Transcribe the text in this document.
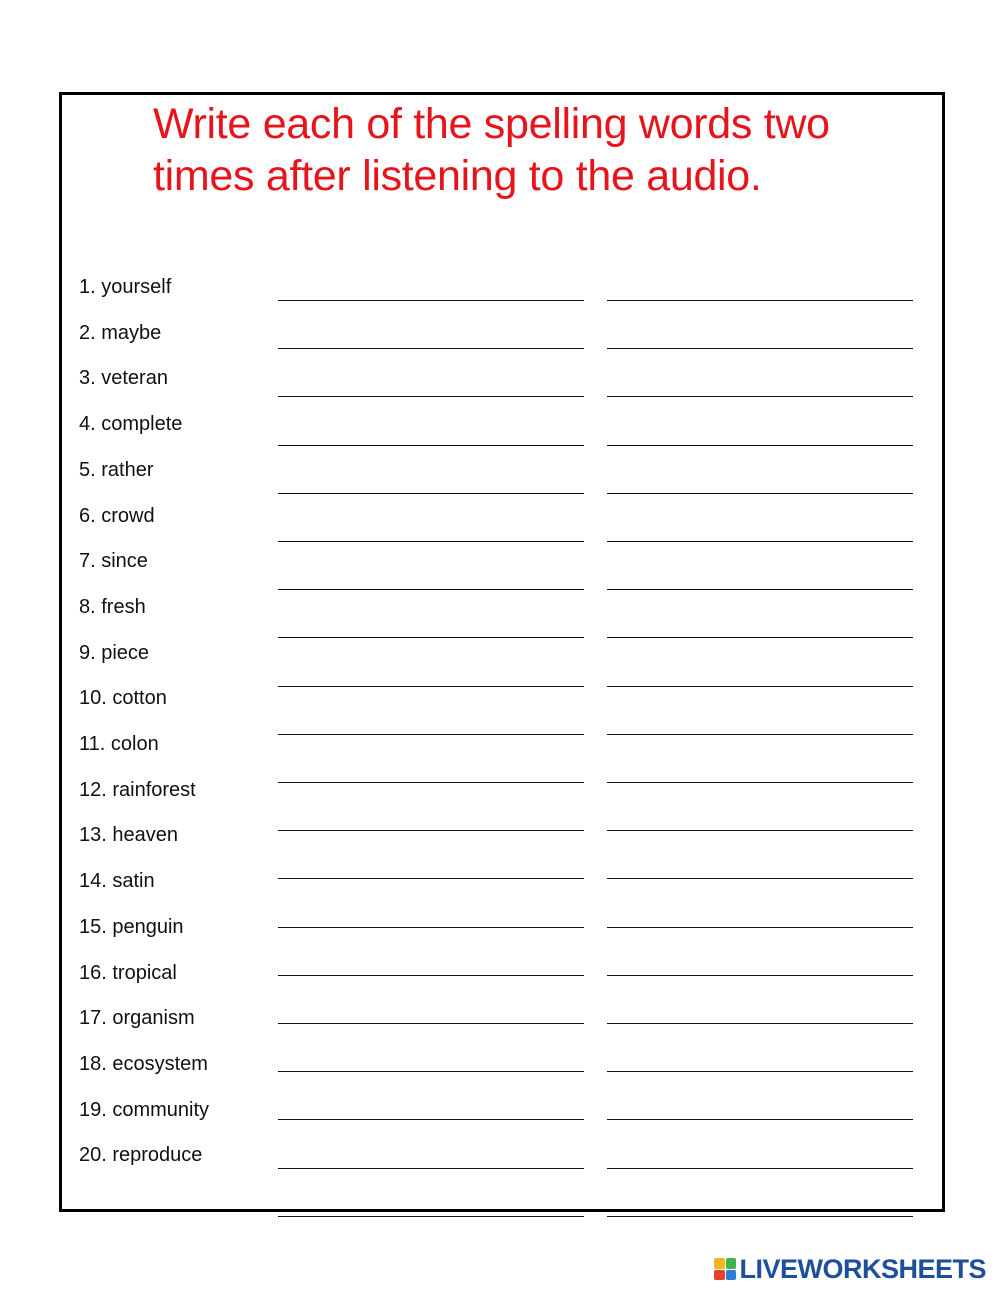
Write each of the spelling words two
times after listening to the audio.
1. yourself
2. maybe
3. veteran
4. complete
5. rather
6. crowd
7. since
8. fresh
9. piece
10. cotton
11. colon
12. rainforest
13. heaven
14. satin
15. penguin
16. tropical
17. organism
18. ecosystem
19. community
20. reproduce
LIVEWORKSHEETS
